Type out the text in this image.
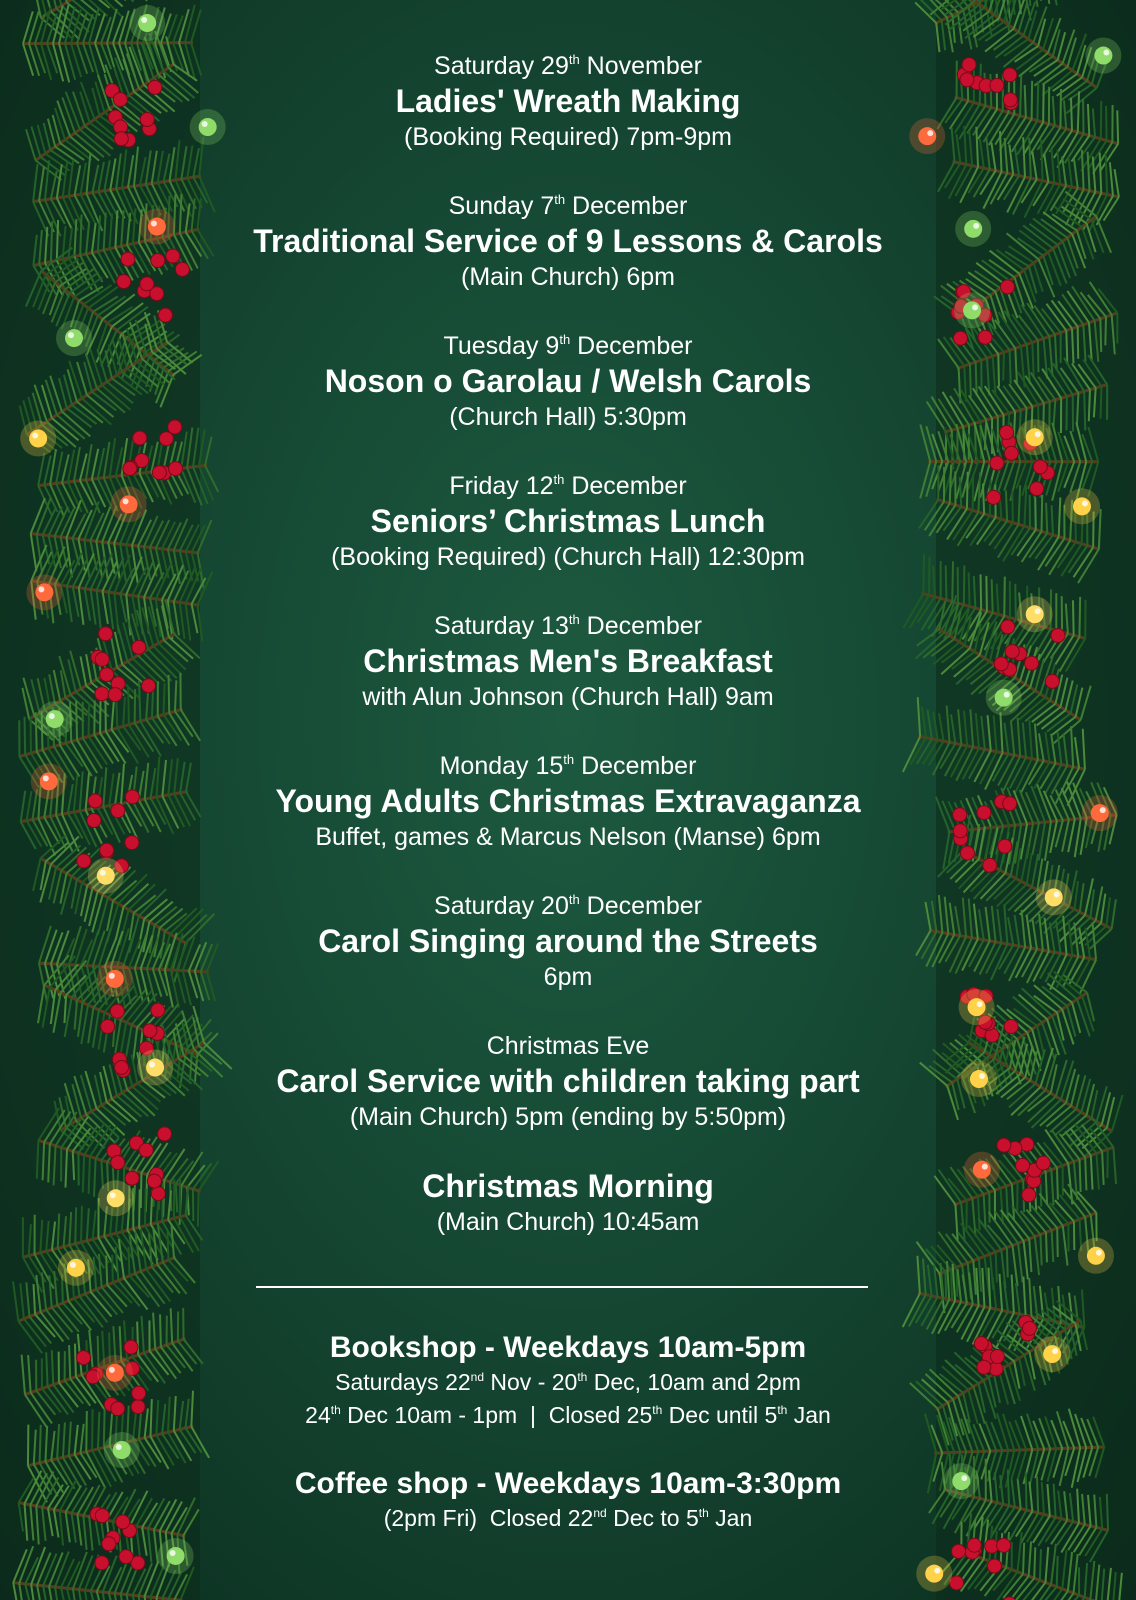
Saturday 29th November
Ladies' Wreath Making
(Booking Required) 7pm-9pm
Sunday 7th December
Traditional Service of 9 Lessons & Carols
(Main Church) 6pm
Tuesday 9th December
Noson o Garolau / Welsh Carols
(Church Hall) 5:30pm
Friday 12th December
Seniors’ Christmas Lunch
(Booking Required) (Church Hall) 12:30pm
Saturday 13th December
Christmas Men's Breakfast
with Alun Johnson (Church Hall) 9am
Monday 15th December
Young Adults Christmas Extravaganza
Buffet, games & Marcus Nelson (Manse) 6pm
Saturday 20th December
Carol Singing around the Streets
6pm
Christmas Eve
Carol Service with children taking part
(Main Church) 5pm (ending by 5:50pm)
Christmas Morning
(Main Church) 10:45am
Bookshop - Weekdays 10am-5pm
Saturdays 22nd Nov - 20th Dec, 10am and 2pm
24th Dec 10am - 1pm  |  Closed 25th Dec until 5th Jan
Coffee shop - Weekdays 10am-3:30pm
(2pm Fri)  Closed 22nd Dec to 5th Jan
